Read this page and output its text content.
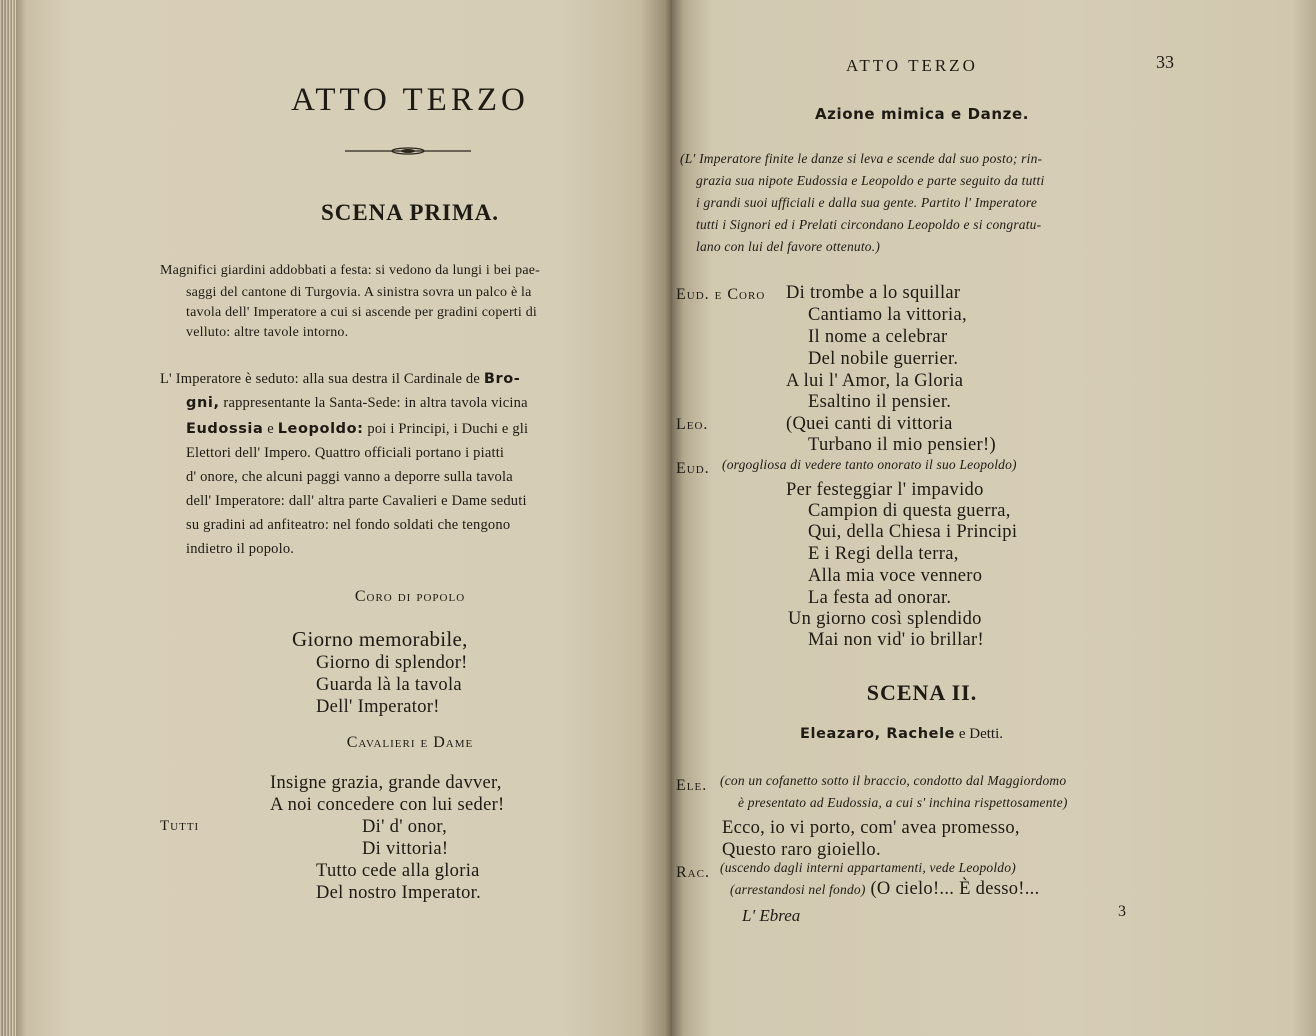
ATTO TERZO
SCENA PRIMA.
Magnifici giardini addobbati a festa: si vedono da lungi i bei pae-
saggi del cantone di Turgovia. A sinistra sovra un palco è la
tavola dell' Imperatore a cui si ascende per gradini coperti di
velluto: altre tavole intorno.
L' Imperatore è seduto: alla sua destra il Cardinale de Bro-
gni, rappresentante la Santa-Sede: in altra tavola vicina
Eudossia e Leopoldo: poi i Principi, i Duchi e gli
Elettori dell' Impero. Quattro officiali portano i piatti
d' onore, che alcuni paggi vanno a deporre sulla tavola
dell' Imperatore: dall' altra parte Cavalieri e Dame seduti
su gradini ad anfiteatro: nel fondo soldati che tengono
indietro il popolo.
Coro di popolo
Giorno memorabile,
Giorno di splendor!
Guarda là la tavola
Dell' Imperator!
Cavalieri e Dame
Insigne grazia, grande davver,
A noi concedere con lui seder!
Tutti	Di' d' onor,
Di vittoria!
Tutto cede alla gloria
Del nostro Imperator.
ATTO TERZO	33
Azione mimica e Danze.
(L' Imperatore finite le danze si leva e scende dal suo posto; rin-
grazia sua nipote Eudossia e Leopoldo e parte seguito da tutti
i grandi suoi ufficiali e dalla sua gente. Partito l' Imperatore
tutti i Signori ed i Prelati circondano Leopoldo e si congratu-
lano con lui del favore ottenuto.)
Eud. e Coro Di trombe a lo squillar
Cantiamo la vittoria,
Il nome a celebrar
Del nobile guerrier.
A lui l' Amor, la Gloria
Esaltino il pensier.
Leo.	(Quei canti di vittoria
Turbano il mio pensier!)
Eud. (orgogliosa di vedere tanto onorato il suo Leopoldo)
Per festeggiar l' impavido
Campion di questa guerra,
Qui, della Chiesa i Principi
E i Regi della terra,
Alla mia voce vennero
La festa ad onorar.
Un giorno così splendido
Mai non vid' io brillar!
SCENA II.
Eleazaro, Rachele e Detti.
Ele. (con un cofanetto sotto il braccio, condotto dal Maggiordomo
è presentato ad Eudossia, a cui s' inchina rispettosamente)
Ecco, io vi porto, com' avea promesso,
Questo raro gioiello.
Rac. (uscendo dagli interni appartamenti, vede Leopoldo)
(arrestandosi nel fondo) (O cielo!... È desso!...
L' Ebrea	3
